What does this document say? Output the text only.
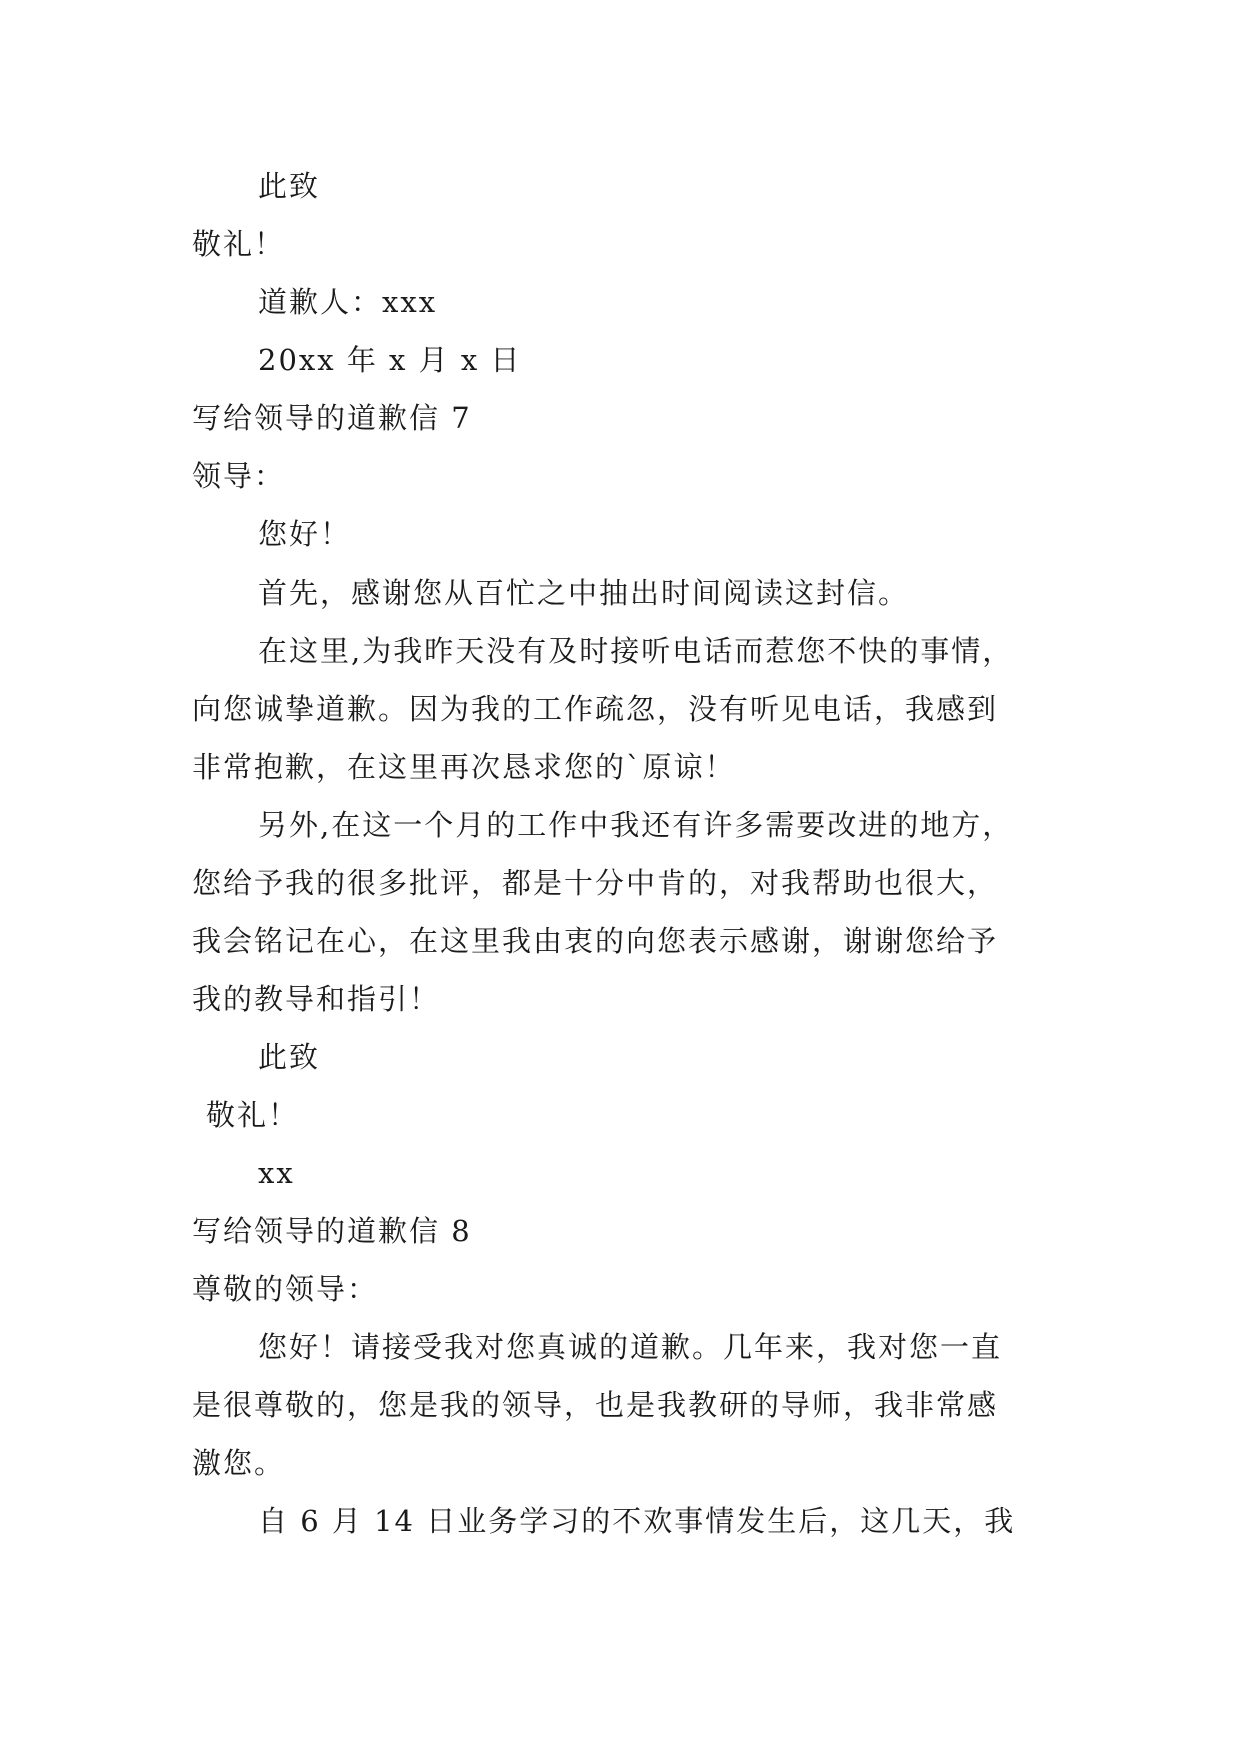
此致
敬礼！
道歉人：xxx
20xx 年 x 月 x 日
写给领导的道歉信 7
领导：
您好！
首先，感谢您从百忙之中抽出时间阅读这封信。
在这里,为我昨天没有及时接听电话而惹您不快的事情，
向您诚挚道歉。因为我的工作疏忽，没有听见电话，我感到
非常抱歉，在这里再次恳求您的`原谅！
另外,在这一个月的工作中我还有许多需要改进的地方，
您给予我的很多批评，都是十分中肯的，对我帮助也很大，
我会铭记在心，在这里我由衷的向您表示感谢，谢谢您给予
我的教导和指引！
此致
敬礼！
xx
写给领导的道歉信 8
尊敬的领导：
您好！请接受我对您真诚的道歉。几年来，我对您一直
是很尊敬的，您是我的领导，也是我教研的导师，我非常感
激您。
自 6 月 14 日业务学习的不欢事情发生后，这几天，我
